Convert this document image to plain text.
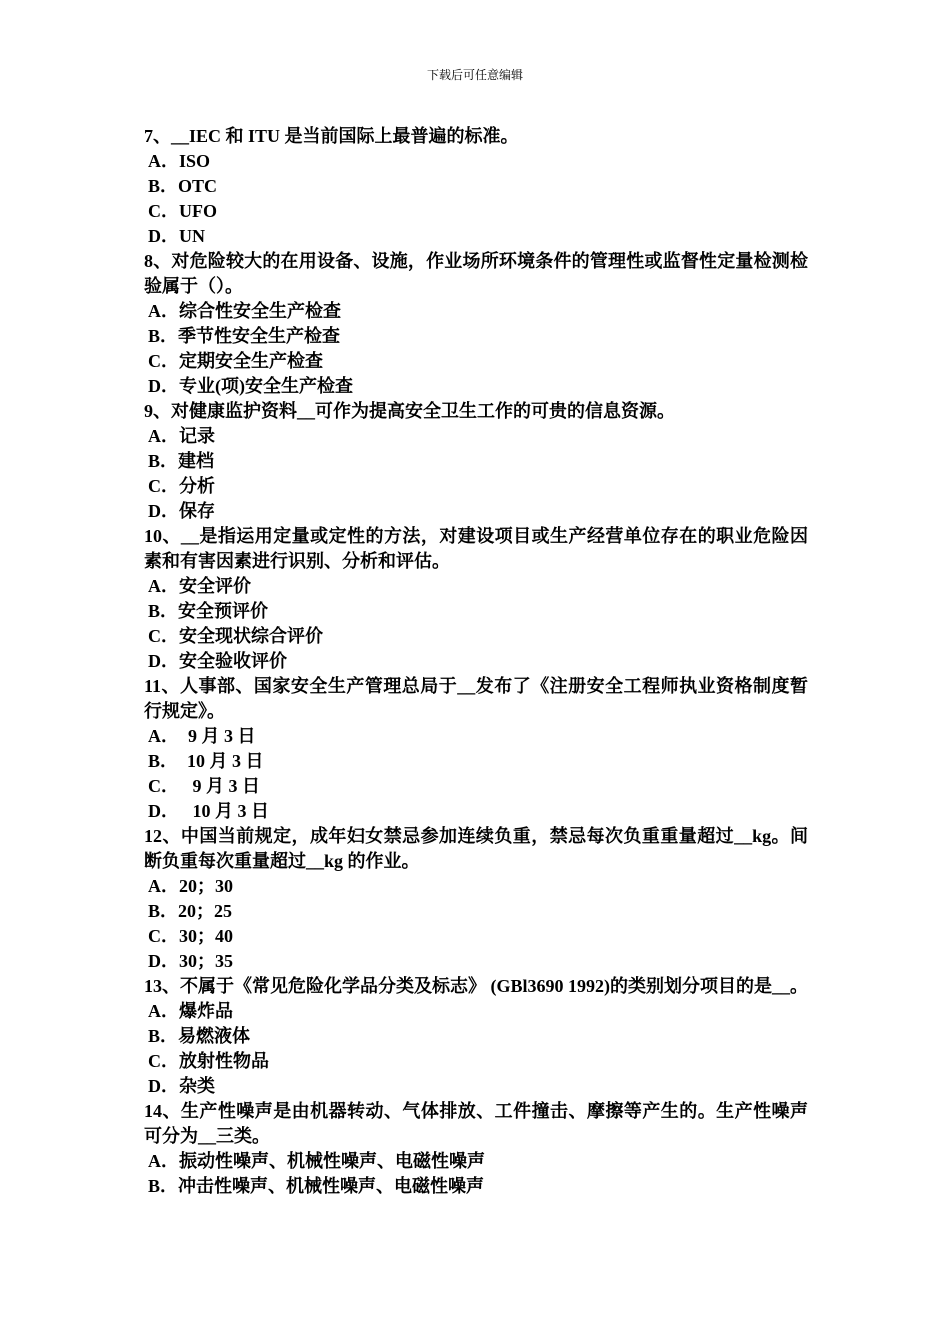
下载后可任意编辑

7、__IEC 和 ITU 是当前国际上最普遍的标准。

A．ISO

B．OTC

C．UFO

D．UN

8、对危险较大的在用设备、设施，作业场所环境条件的管理性或监督性定量检测检验属于（）。

A．综合性安全生产检查

B．季节性安全生产检查

C．定期安全生产检查

D．专业(项)安全生产检查

9、对健康监护资料__可作为提高安全卫生工作的可贵的信息资源。

A．记录

B．建档

C．分析

D．保存

10、__是指运用定量或定性的方法，对建设项目或生产经营单位存在的职业危险因素和有害因素进行识别、分析和评估。

A．安全评价

B．安全预评价

C．安全现状综合评价

D．安全验收评价

11、人事部、国家安全生产管理总局于__发布了《注册安全工程师执业资格制度暂行规定》。

A．  9 月 3 日

B．  10 月 3 日

C．   9 月 3 日

D．   10 月 3 日

12、中国当前规定，成年妇女禁忌参加连续负重，禁忌每次负重重量超过__kg。间断负重每次重量超过__kg 的作业。

A．20；30

B．20；25

C．30；40

D．30；35

13、不属于《常见危险化学品分类及标志》 (GBl3690 1992)的类别划分项目的是__。

A．爆炸品

B．易燃液体

C．放射性物品

D．杂类

14、生产性噪声是由机器转动、气体排放、工件撞击、摩擦等产生的。生产性噪声可分为__三类。

A．振动性噪声、机械性噪声、电磁性噪声

B．冲击性噪声、机械性噪声、电磁性噪声
